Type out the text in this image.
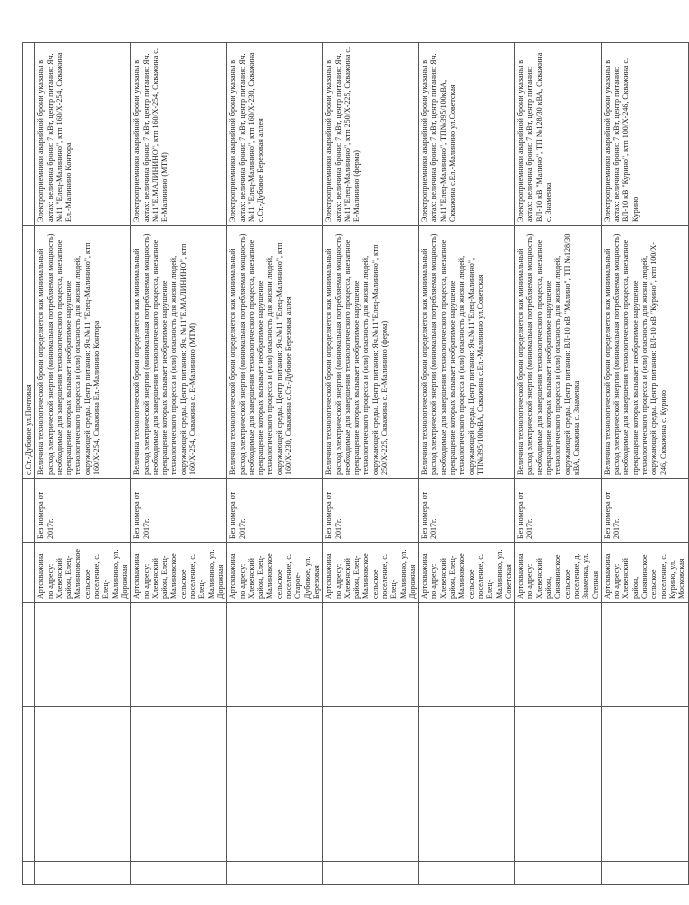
					с.Ст.-Дубовое ул.Почтовая	
			Артскважина по адресу: Хлевенский район, Елец-Малинновское сельское поселение, с. Елец-Малинино, ул. Дорожная	Без номера от 2017г.	Величина технологической брони определяется как минимальный расход электрической энергии (минимальная потребляемая мощность) необходимые для завершения технологического процесса, внезапное прекращение которых вызывает необратимое нарушение технологического процесса и (или) опасность для жизни людей, окружающей среды. Центр питания: Яч.№11 "Елец-Малинино", ктп 160/X-254, Скважина Ел.-Малинино Контора	Электроприемники аварийной брони указаны в актах: величина брони: 7 кВт, центр питания: Яч.№11 "Елец-Малинино", ктп 160/X-254, Скважина Ел.-Малинино Контора
			Артскважина по адресу: Хлевенский район, Елец-Малиновское сельское поселение, с. Елец-Малинино, ул. Дорожная	Без номера от 2017г.	Величина технологической брони определяется как минимальный расход электрической энергии (минимальная потребляемая мощность) необходимые для завершения технологического процесса, внезапное прекращение которых вызывает необратимое нарушение технологического процесса и (или) опасность для жизни людей, окружающей среды. Центр питания: Яч. №11"Е.МАЛИНИНО", ктп 160/X-254, Скважина с. Е-Малинино (МТМ)	Электроприемники аварийной брони указаны в актах: величина брони: 7 кВт, центр питания: Яч. №11"Е.МАЛИНИНО", ктп 160/X-254, Скважина с. Е-Малинино (МТМ)
			Артскважина по адресу: Хлевенский район, Елец-Малиновское сельское поселение, с. Старое-Дубовое, ул. Березовая	Без номера от 2017г.	Величина технологической брони определяется как минимальный расход электрической энергии (минимальная потребляемая мощность) необходимые для завершения технологического процесса, внезапное прекращение которых вызывает необратимое нарушение технологического процесса и (или) опасность для жизни людей, окружающей среды. Центр питания: Яч.№11 "Елец-Малинино", ктп 160/X-230, Скважина с.Ст.-Дубовое Березовая аллея	Электроприемники аварийной брони указаны в актах: величина брони: 7 кВт, центр питания: Яч.№11 "Елец-Малинино", ктп 160/X-230, Скважина с.Ст.-Дубовое Березовая аллея
			Артскважина по адресу: Хлевенский район, Елец-Малиновское сельское поселение, с. Елец-Малинино, ул. Дорожная	Без номера от 2017г.	Величина технологической брони определяется как минимальный расход электрической энергии (минимальная потребляемая мощность) необходимые для завершения технологического процесса, внезапное прекращение которых вызывает необратимое нарушение технологического процесса и (или) опасность для жизни людей, окружающей среды. Центр питания: Яч.№11"Елец-Малинино", ктп 250/X-225, Скважина с. Е-Малинино (ферма)	Электроприемники аварийной брони указаны в актах: величина брони: 7 кВт, центр питания: Яч.№11"Елец-Малинино", ктп 250/X-225, Скважина с. Е-Малинино (ферма)
			Артскважина по адресу: Хлевенский район, Елец-Малиновское сельское поселение, с. Елец-Малинино, ул. Советская	Без номера от 2017г.	Величина технологической брони определяется как минимальный расход электрической энергии (минимальная потребляемая мощность) необходимые для завершения технологического процесса, внезапное прекращение которых вызывает необратимое нарушение технологического процесса и (или) опасность для жизни людей, окружающей среды. Центр питания: Яч.№11"Елец-Малинино", ТП№395/100кВА, Скважина с.Ел.-Малинино ул.Советская	Электроприемники аварийной брони указаны в актах: величина брони: 7 кВт, центр питания: Яч.№11"Елец-Малинино", ТП№395/100кВА, Скважина с.Ел.-Малинино ул.Советская
			Артскважина по адресу: Хлевенский район, Синявинское сельское поселение, д. Знаменка, ул. Степная	Без номера от 2017г.	Величина технологической брони определяется как минимальный расход электрической энергии (минимальная потребляемая мощность) необходимые для завершения технологического процесса, внезапное прекращение которых вызывает необратимое нарушение технологического процесса и (или) опасность для жизни людей, окружающей среды. Центр питания: ВЛ-10 кВ "Малино", ТП №128/30 кВА, Скважина с. Знаменка	Электроприемники аварийной брони указаны в актах: величина брони: 7 кВт, центр питания: ВЛ-10 кВ "Малино", ТП №128/30 кВА, Скважина с. Знаменка
			Артскважина по адресу: Хлевенский район, Синявинское сельское поселение, с. Курино, ул. Московская	Без номера от 2017г.	Величина технологической брони определяется как минимальный расход электрической энергии (минимальная потребляемая мощность) необходимые для завершения технологического процесса, внезапное прекращение которых вызывает необратимое нарушение технологического процесса и (или) опасность для жизни людей, окружающей среды. Центр питания: ВЛ-10 кВ "Курино", ктп 100/X-246, Скважина с. Курино	Электроприемники аварийной брони указаны в актах: величина брони: 7 кВт, центр питания: ВЛ-10 кВ "Курино", ктп 100/X-246, Скважина с. Курино
